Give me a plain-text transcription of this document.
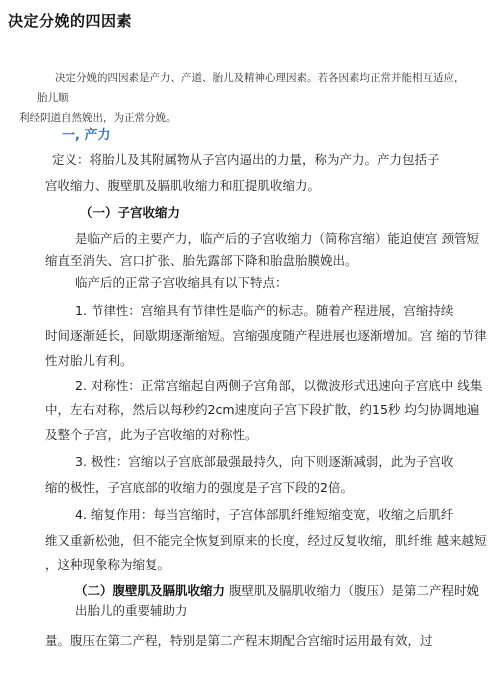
决定分娩的四因素
决定分娩的四因素是产力、产道、胎儿及精神心理因素。若各因素均正常并能相互适应， 胎儿顺
利经阴道自然娩出，为正常分娩。
一, 产力
定义：将胎儿及其附属物从子宫内逼出的力量，称为产力。产力包括子
宫收缩力、腹壁肌及膈肌收缩力和肛提肌收缩力。
（一）子宫收缩力
是临产后的主要产力，临产后的子宫收缩力（简称宫缩）能迫使宫 颈管短
缩直至消失、宫口扩张、胎先露部下降和胎盘胎膜娩出。
临产后的正常子宫收缩具有以下特点：
1. 节律性：宫缩具有节律性是临产的标志。随着产程进展，宫缩持续
时间逐渐延长，间歇期逐渐缩短。宫缩强度随产程进展也逐渐增加。宫 缩的节律
性对胎儿有利。
2. 对称性：正常宫缩起自两侧子宫角部，以微波形式迅速向子宫底中 线集
中，左右对称，然后以每秒约2cm速度向子宫下段扩散，约15秒 均匀协调地遍
及整个子宫，此为子宫收缩的对称性。
3. 极性：宫缩以子宫底部最强最持久，向下则逐渐减弱，此为子宫收
缩的极性，子宫底部的收缩力的强度是子宫下段的2倍。
4. 缩复作用：每当宫缩时，子宫体部肌纤维短缩变宽，收缩之后肌纤
维又重新松弛，但不能完全恢复到原来的长度，经过反复收缩，肌纤维 越来越短
，这种现象称为缩复。
（二）腹壁肌及膈肌收缩力 腹壁肌及膈肌收缩力（腹压）是第二产程时娩
出胎儿的重要辅助力
量。腹压在第二产程，特别是第二产程末期配合宫缩时运用最有效，过
